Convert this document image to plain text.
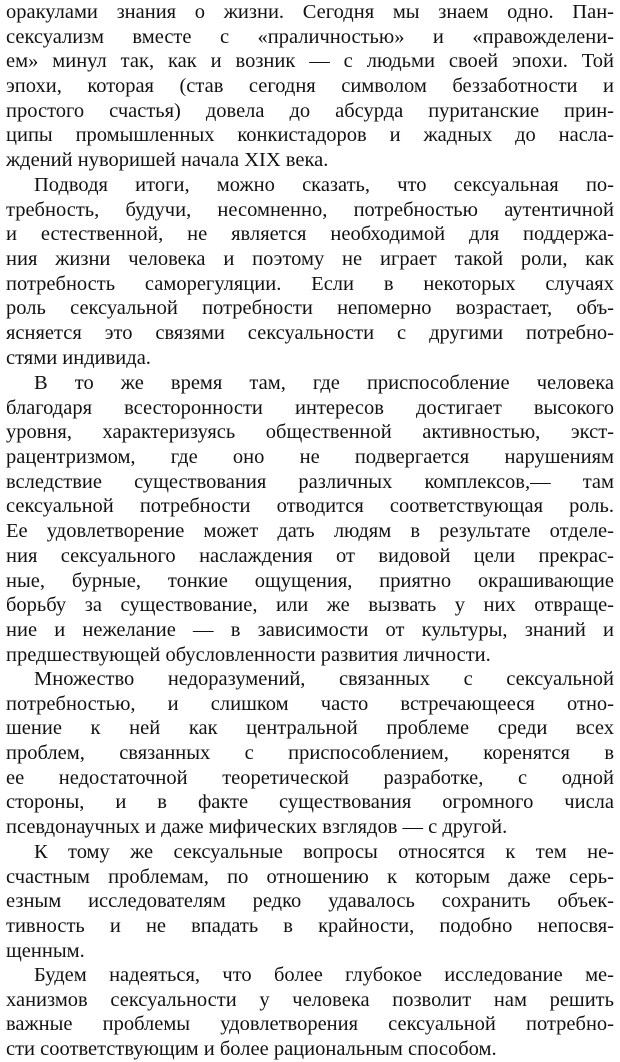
оракулами знания о жизни. Сегодня мы знаем одно. Пан-
сексуализм вместе с «праличностью» и «правожделени-
ем» минул так, как и возник — с людьми своей эпохи. Той
эпохи, которая (став сегодня символом беззаботности и
простого счастья) довела до абсурда пуританские прин-
ципы промышленных конкистадоров и жадных до насла-
ждений нуворишей начала XIX века.
Подводя итоги, можно сказать, что сексуальная по-
требность, будучи, несомненно, потребностью аутентичной
и естественной, не является необходимой для поддержа-
ния жизни человека и поэтому не играет такой роли, как
потребность саморегуляции. Если в некоторых случаях
роль сексуальной потребности непомерно возрастает, объ-
ясняется это связями сексуальности с другими потребно-
стями индивида.
В то же время там, где приспособление человека
благодаря всесторонности интересов достигает высокого
уровня, характеризуясь общественной активностью, экст-
рацентризмом, где оно не подвергается нарушениям
вследствие существования различных комплексов,— там
сексуальной потребности отводится соответствующая роль.
Ее удовлетворение может дать людям в результате отделе-
ния сексуального наслаждения от видовой цели прекрас-
ные, бурные, тонкие ощущения, приятно окрашивающие
борьбу за существование, или же вызвать у них отвраще-
ние и нежелание — в зависимости от культуры, знаний и
предшествующей обусловленности развития личности.
Множество недоразумений, связанных с сексуальной
потребностью, и слишком часто встречающееся отно-
шение к ней как центральной проблеме среди всех
проблем, связанных с приспособлением, коренятся в
ее недостаточной теоретической разработке, с одной
стороны, и в факте существования огромного числа
псевдонаучных и даже мифических взглядов — с другой.
К тому же сексуальные вопросы относятся к тем не-
счастным проблемам, по отношению к которым даже серь-
езным исследователям редко удавалось сохранить объек-
тивность и не впадать в крайности, подобно непосвя-
щенным.
Будем надеяться, что более глубокое исследование ме-
ханизмов сексуальности у человека позволит нам решить
важные проблемы удовлетворения сексуальной потребно-
сти соответствующим и более рациональным способом.
